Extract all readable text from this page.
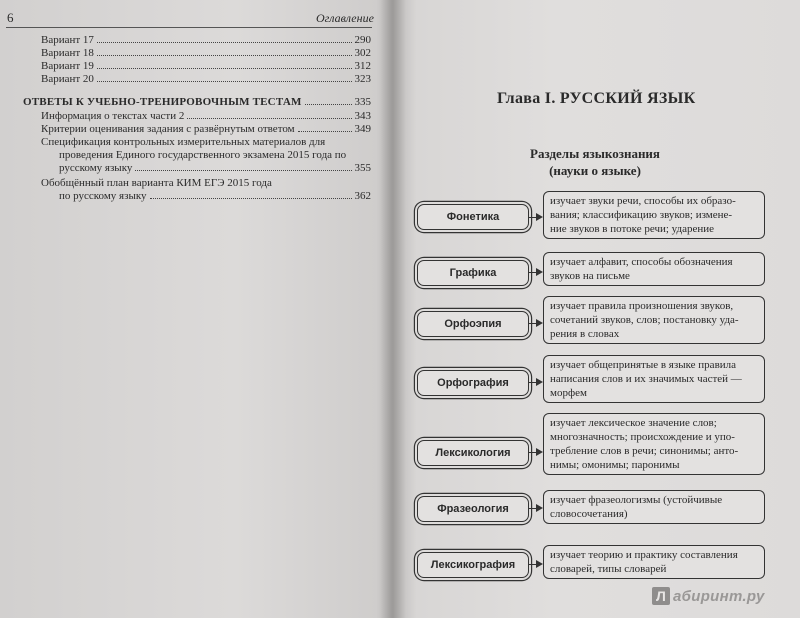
6	Оглавление
Вариант 17	290
Вариант 18	302
Вариант 19	312
Вариант 20	323
ОТВЕТЫ К УЧЕБНО-ТРЕНИРОВОЧНЫМ ТЕСТАМ	335
Информация о текстах части 2	343
Критерии оценивания задания с развёрнутым ответом	349
Спецификация контрольных измерительных материалов для
проведения Единого государственного экзамена 2015 года по
русскому языку	355
Обобщённый план варианта КИМ ЕГЭ 2015 года
по русскому языку	362
Глава I. РУССКИЙ ЯЗЫК
Разделы языкознания
(науки о языке)
Фонетика
изучает звуки речи, способы их образо-
вания; классификацию звуков; измене-
ние звуков в потоке речи; ударение
Графика
изучает алфавит, способы обозначения
звуков на письме
Орфоэпия
изучает правила произношения звуков,
сочетаний звуков, слов; постановку уда-
рения в словах
Орфография
изучает общепринятые в языке правила
написания слов и их значимых частей —
морфем
Лексикология
изучает лексическое значение слов;
многозначность; происхождение и упо-
требление слов в речи; синонимы; анто-
нимы; омонимы; паронимы
Фразеология
изучает фразеологизмы (устойчивые
словосочетания)
Лексикография
изучает теорию и практику составления
словарей, типы словарей
Л абиринт.ру
